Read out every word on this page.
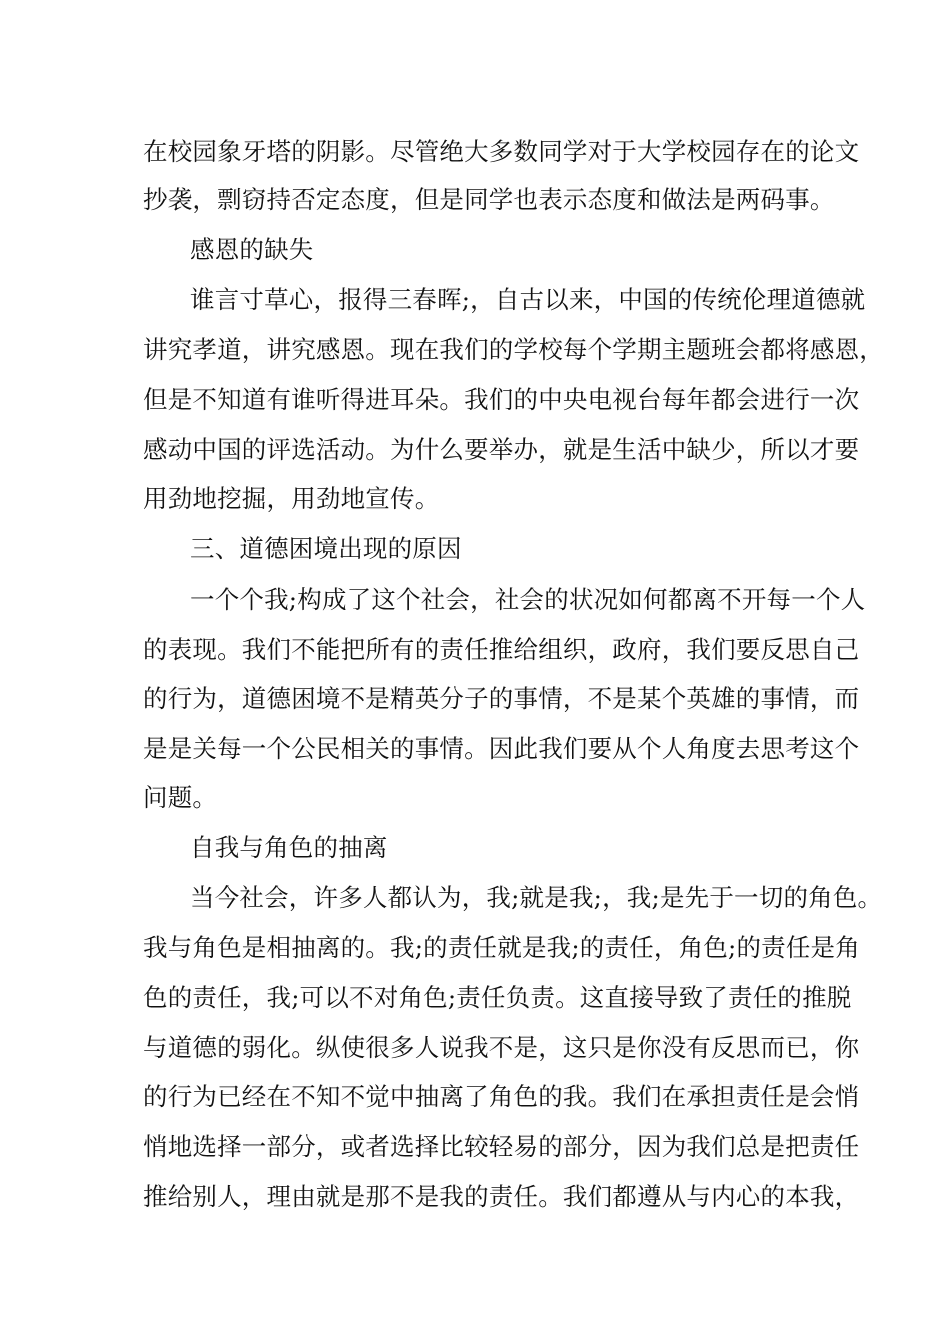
在校园象牙塔的阴影。尽管绝大多数同学对于大学校园存在的论文
抄袭，剽窃持否定态度，但是同学也表示态度和做法是两码事。
感恩的缺失
谁言寸草心，报得三春晖;，自古以来，中国的传统伦理道德就
讲究孝道，讲究感恩。现在我们的学校每个学期主题班会都将感恩，
但是不知道有谁听得进耳朵。我们的中央电视台每年都会进行一次
感动中国的评选活动。为什么要举办，就是生活中缺少，所以才要
用劲地挖掘，用劲地宣传。
三、道德困境出现的原因
一个个我;构成了这个社会，社会的状况如何都离不开每一个人
的表现。我们不能把所有的责任推给组织，政府，我们要反思自己
的行为，道德困境不是精英分子的事情，不是某个英雄的事情，而
是是关每一个公民相关的事情。因此我们要从个人角度去思考这个
问题。
自我与角色的抽离
当今社会，许多人都认为，我;就是我;，我;是先于一切的角色。
我与角色是相抽离的。我;的责任就是我;的责任，角色;的责任是角
色的责任，我;可以不对角色;责任负责。这直接导致了责任的推脱
与道德的弱化。纵使很多人说我不是，这只是你没有反思而已，你
的行为已经在不知不觉中抽离了角色的我。我们在承担责任是会悄
悄地选择一部分，或者选择比较轻易的部分，因为我们总是把责任
推给别人，理由就是那不是我的责任。我们都遵从与内心的本我，
